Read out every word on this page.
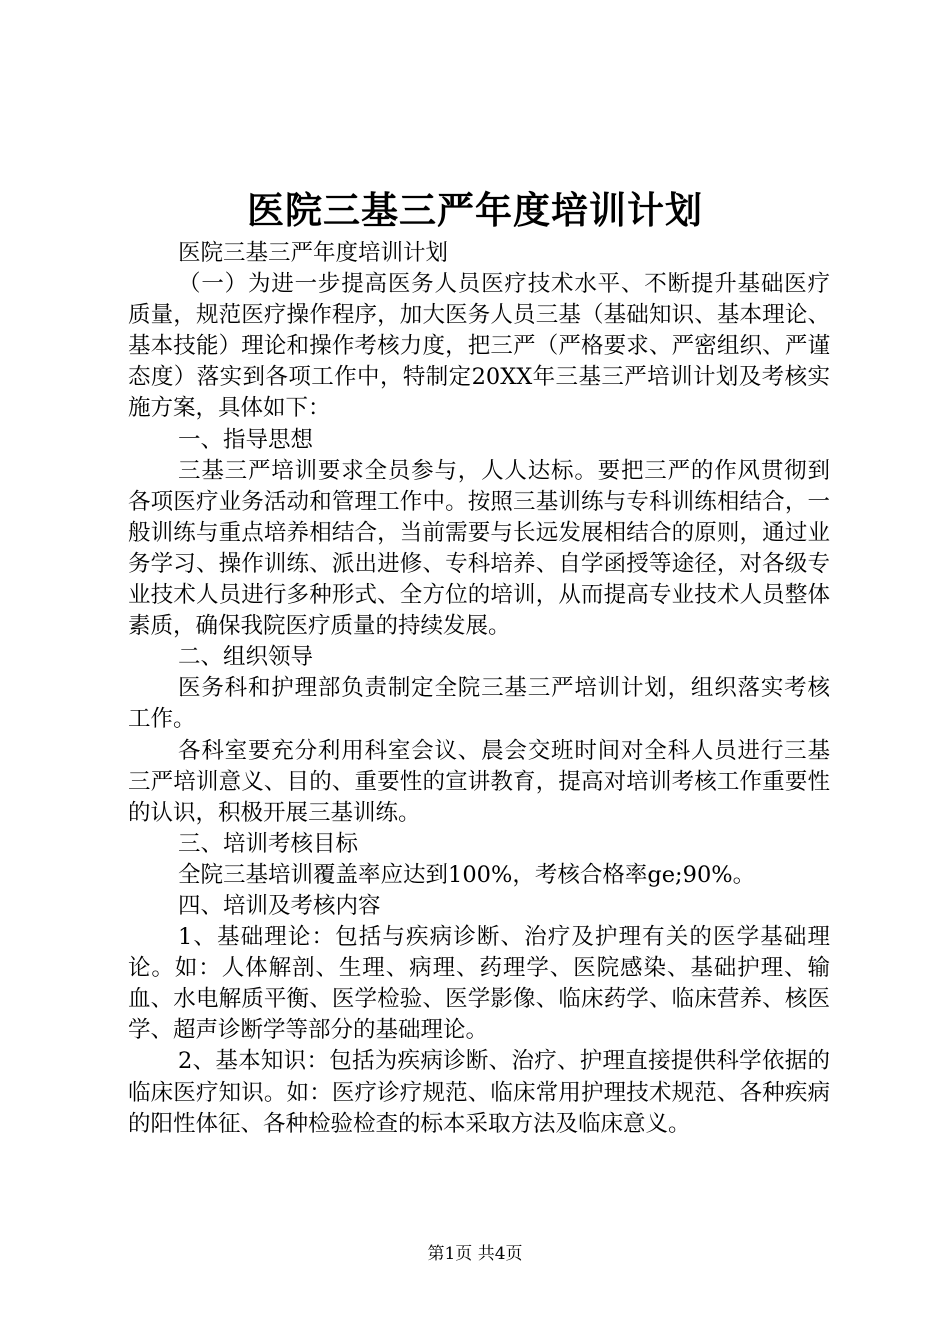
医院三基三严年度培训计划

医院三基三严年度培训计划

（一）为进一步提高医务人员医疗技术水平、不断提升基础医疗质量，规范医疗操作程序，加大医务人员三基（基础知识、基本理论、基本技能）理论和操作考核力度，把三严（严格要求、严密组织、严谨态度）落实到各项工作中，特制定20XX年三基三严培训计划及考核实施方案，具体如下：

一、指导思想

三基三严培训要求全员参与，人人达标。要把三严的作风贯彻到各项医疗业务活动和管理工作中。按照三基训练与专科训练相结合，一般训练与重点培养相结合，当前需要与长远发展相结合的原则，通过业务学习、操作训练、派出进修、专科培养、自学函授等途径，对各级专业技术人员进行多种形式、全方位的培训，从而提高专业技术人员整体素质，确保我院医疗质量的持续发展。

二、组织领导

医务科和护理部负责制定全院三基三严培训计划，组织落实考核工作。

各科室要充分利用科室会议、晨会交班时间对全科人员进行三基三严培训意义、目的、重要性的宣讲教育，提高对培训考核工作重要性的认识，积极开展三基训练。

三、培训考核目标

全院三基培训覆盖率应达到100%，考核合格率ge;90%。

四、培训及考核内容

1、基础理论：包括与疾病诊断、治疗及护理有关的医学基础理论。如：人体解剖、生理、病理、药理学、医院感染、基础护理、输血、水电解质平衡、医学检验、医学影像、临床药学、临床营养、核医学、超声诊断学等部分的基础理论。

2、基本知识：包括为疾病诊断、治疗、护理直接提供科学依据的临床医疗知识。如：医疗诊疗规范、临床常用护理技术规范、各种疾病的阳性体征、各种检验检查的标本采取方法及临床意义。

第1页 共4页
